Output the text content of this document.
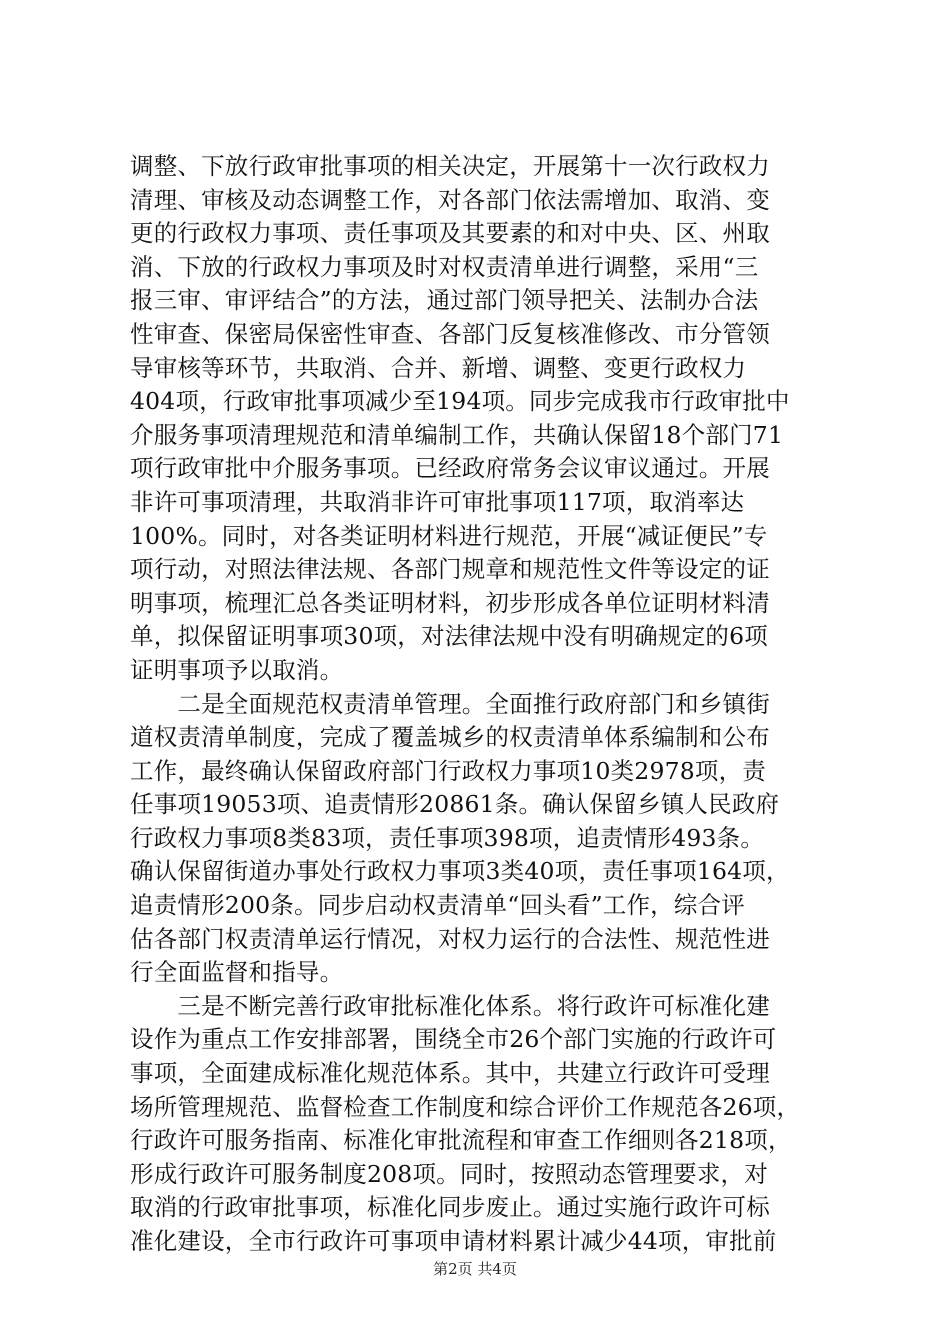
调整、下放行政审批事项的相关决定，开展第十一次行政权力
清理、审核及动态调整工作，对各部门依法需增加、取消、变
更的行政权力事项、责任事项及其要素的和对中央、区、州取
消、下放的行政权力事项及时对权责清单进行调整，采用“三
报三审、审评结合”的方法，通过部门领导把关、法制办合法
性审查、保密局保密性审查、各部门反复核准修改、市分管领
导审核等环节，共取消、合并、新增、调整、变更行政权力
404项，行政审批事项减少至194项。同步完成我市行政审批中
介服务事项清理规范和清单编制工作，共确认保留18个部门71
项行政审批中介服务事项。已经政府常务会议审议通过。开展
非许可事项清理，共取消非许可审批事项117项，取消率达
100%。同时，对各类证明材料进行规范，开展“减证便民”专
项行动，对照法律法规、各部门规章和规范性文件等设定的证
明事项，梳理汇总各类证明材料，初步形成各单位证明材料清
单，拟保留证明事项30项，对法律法规中没有明确规定的6项
证明事项予以取消。
　　二是全面规范权责清单管理。全面推行政府部门和乡镇街
道权责清单制度，完成了覆盖城乡的权责清单体系编制和公布
工作，最终确认保留政府部门行政权力事项10类2978项，责
任事项19053项、追责情形20861条。确认保留乡镇人民政府
行政权力事项8类83项，责任事项398项，追责情形493条。
确认保留街道办事处行政权力事项3类40项，责任事项164项，
追责情形200条。同步启动权责清单“回头看”工作，综合评
估各部门权责清单运行情况，对权力运行的合法性、规范性进
行全面监督和指导。
　　三是不断完善行政审批标准化体系。将行政许可标准化建
设作为重点工作安排部署，围绕全市26个部门实施的行政许可
事项，全面建成标准化规范体系。其中，共建立行政许可受理
场所管理规范、监督检查工作制度和综合评价工作规范各26项，
行政许可服务指南、标准化审批流程和审查工作细则各218项，
形成行政许可服务制度208项。同时，按照动态管理要求，对
取消的行政审批事项，标准化同步废止。通过实施行政许可标
准化建设，全市行政许可事项申请材料累计减少44项，审批前
第2页 共4页
